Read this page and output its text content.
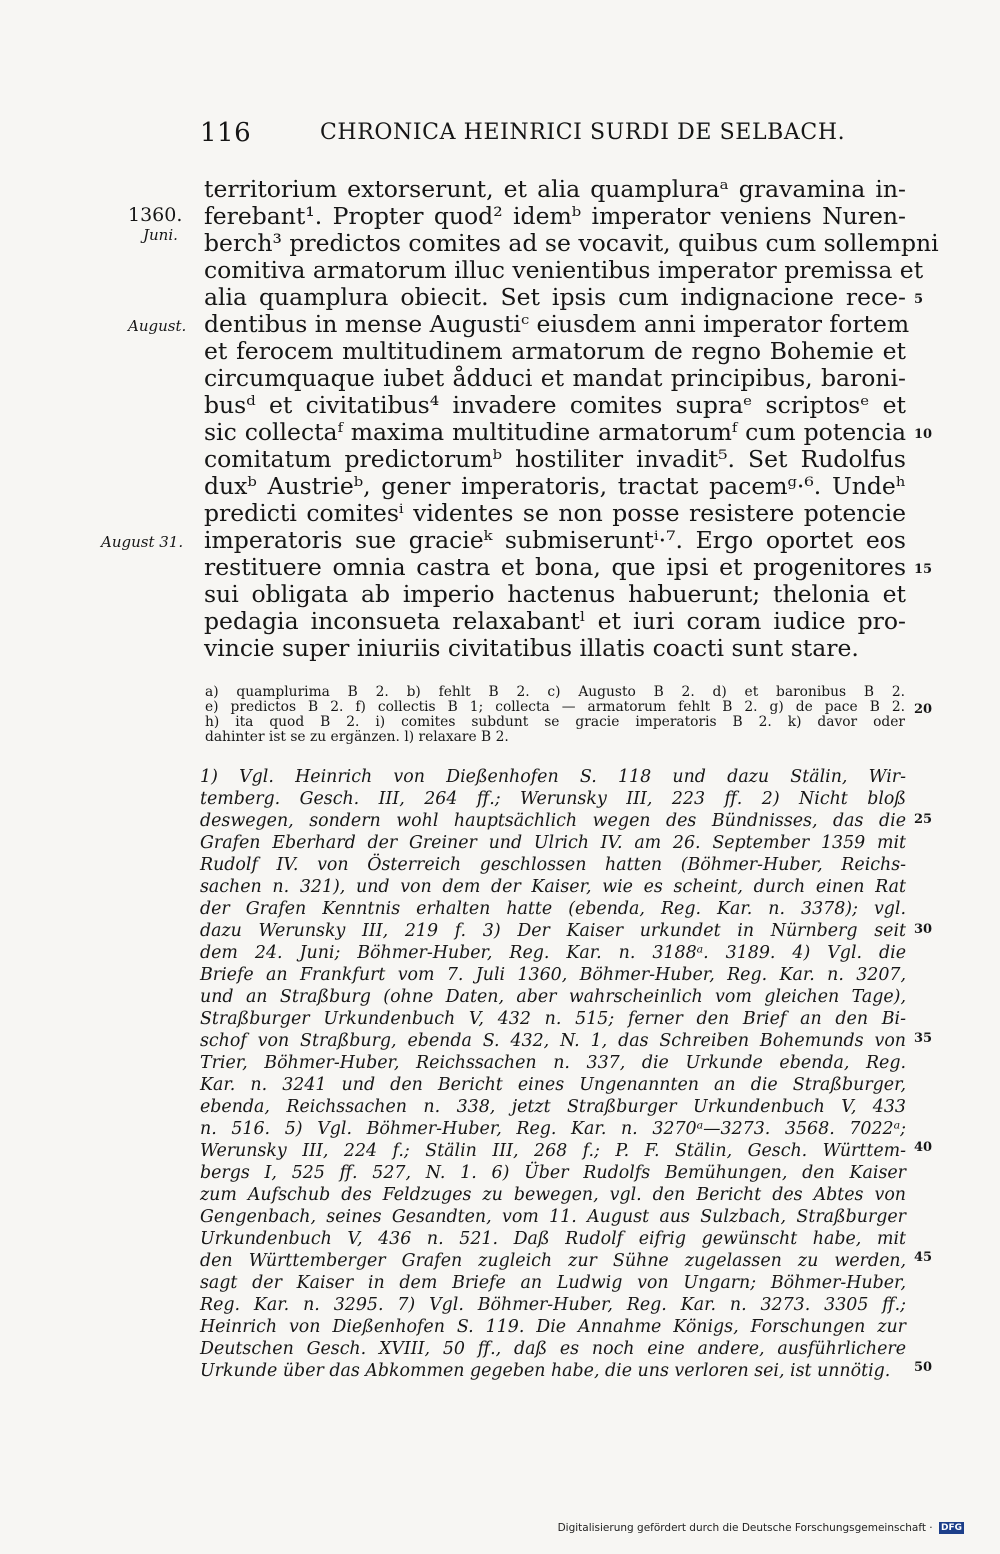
116	CHRONICA HEINRICI SURDI DE SELBACH.
territorium extorserunt, et alia quampluraᵃ gravamina in-
ferebant¹. Propter quod² idemᵇ imperator veniens Nuren-
berch³ predictos comites ad se vocavit, quibus cum sollempni
comitiva armatorum illuc venientibus imperator premissa et
alia quamplura obiecit. Set ipsis cum indignacione rece-
dentibus in mense Augustiᶜ eiusdem anni imperator fortem
et ferocem multitudinem armatorum de regno Bohemie et
circumquaque iubet ådduci et mandat principibus, baroni-
busᵈ et civitatibus⁴ invadere comites supraᵉ scriptosᵉ et
sic collectaᶠ maxima multitudine armatorumᶠ cum potencia
comitatum predictorumᵇ hostiliter invadit⁵. Set Rudolfus
duxᵇ Austrieᵇ, gener imperatoris, tractat pacemᵍ·⁶. Undeʰ
predicti comitesⁱ videntes se non posse resistere potencie
imperatoris sue gracieᵏ submiseruntⁱ·⁷. Ergo oportet eos
restituere omnia castra et bona, que ipsi et progenitores
sui obligata ab imperio hactenus habuerunt; thelonia et
pedagia inconsueta relaxabantˡ et iuri coram iudice pro-
vincie super iniuriis civitatibus illatis coacti sunt stare.
1360.
Juni.
August.
August 31.
5
10
15
20
25
30
35
40
45
50
a) quamplurima B 2. b) fehlt B 2. c) Augusto B 2. d) et baronibus B 2.
e) predictos B 2. f) collectis B 1; collecta — armatorum fehlt B 2. g) de pace B 2.
h) ita quod B 2. i) comites subdunt se gracie imperatoris B 2. k) davor oder
dahinter ist se zu ergänzen. l) relaxare B 2.
1) Vgl. Heinrich von Dießenhofen S. 118 und dazu Stälin, Wir-
temberg. Gesch. III, 264 ff.; Werunsky III, 223 ff. 2) Nicht bloß
deswegen, sondern wohl hauptsächlich wegen des Bündnisses, das die
Grafen Eberhard der Greiner und Ulrich IV. am 26. September 1359 mit
Rudolf IV. von Österreich geschlossen hatten (Böhmer-Huber, Reichs-
sachen n. 321), und von dem der Kaiser, wie es scheint, durch einen Rat
der Grafen Kenntnis erhalten hatte (ebenda, Reg. Kar. n. 3378); vgl.
dazu Werunsky III, 219 f. 3) Der Kaiser urkundet in Nürnberg seit
dem 24. Juni; Böhmer-Huber, Reg. Kar. n. 3188ᵃ. 3189. 4) Vgl. die
Briefe an Frankfurt vom 7. Juli 1360, Böhmer-Huber, Reg. Kar. n. 3207,
und an Straßburg (ohne Daten, aber wahrscheinlich vom gleichen Tage),
Straßburger Urkundenbuch V, 432 n. 515; ferner den Brief an den Bi-
schof von Straßburg, ebenda S. 432, N. 1, das Schreiben Bohemunds von
Trier, Böhmer-Huber, Reichssachen n. 337, die Urkunde ebenda, Reg.
Kar. n. 3241 und den Bericht eines Ungenannten an die Straßburger,
ebenda, Reichssachen n. 338, jetzt Straßburger Urkundenbuch V, 433
n. 516. 5) Vgl. Böhmer-Huber, Reg. Kar. n. 3270ᵃ—3273. 3568. 7022ᵃ;
Werunsky III, 224 f.; Stälin III, 268 f.; P. F. Stälin, Gesch. Württem-
bergs I, 525 ff. 527, N. 1. 6) Über Rudolfs Bemühungen, den Kaiser
zum Aufschub des Feldzuges zu bewegen, vgl. den Bericht des Abtes von
Gengenbach, seines Gesandten, vom 11. August aus Sulzbach, Straßburger
Urkundenbuch V, 436 n. 521. Daß Rudolf eifrig gewünscht habe, mit
den Württemberger Grafen zugleich zur Sühne zugelassen zu werden,
sagt der Kaiser in dem Briefe an Ludwig von Ungarn; Böhmer-Huber,
Reg. Kar. n. 3295. 7) Vgl. Böhmer-Huber, Reg. Kar. n. 3273. 3305 ff.;
Heinrich von Dießenhofen S. 119. Die Annahme Königs, Forschungen zur
Deutschen Gesch. XVIII, 50 ff., daß es noch eine andere, ausführlichere
Urkunde über das Abkommen gegeben habe, die uns verloren sei, ist unnötig.
Digitalisierung gefördert durch die Deutsche Forschungsgemeinschaft · DFG
